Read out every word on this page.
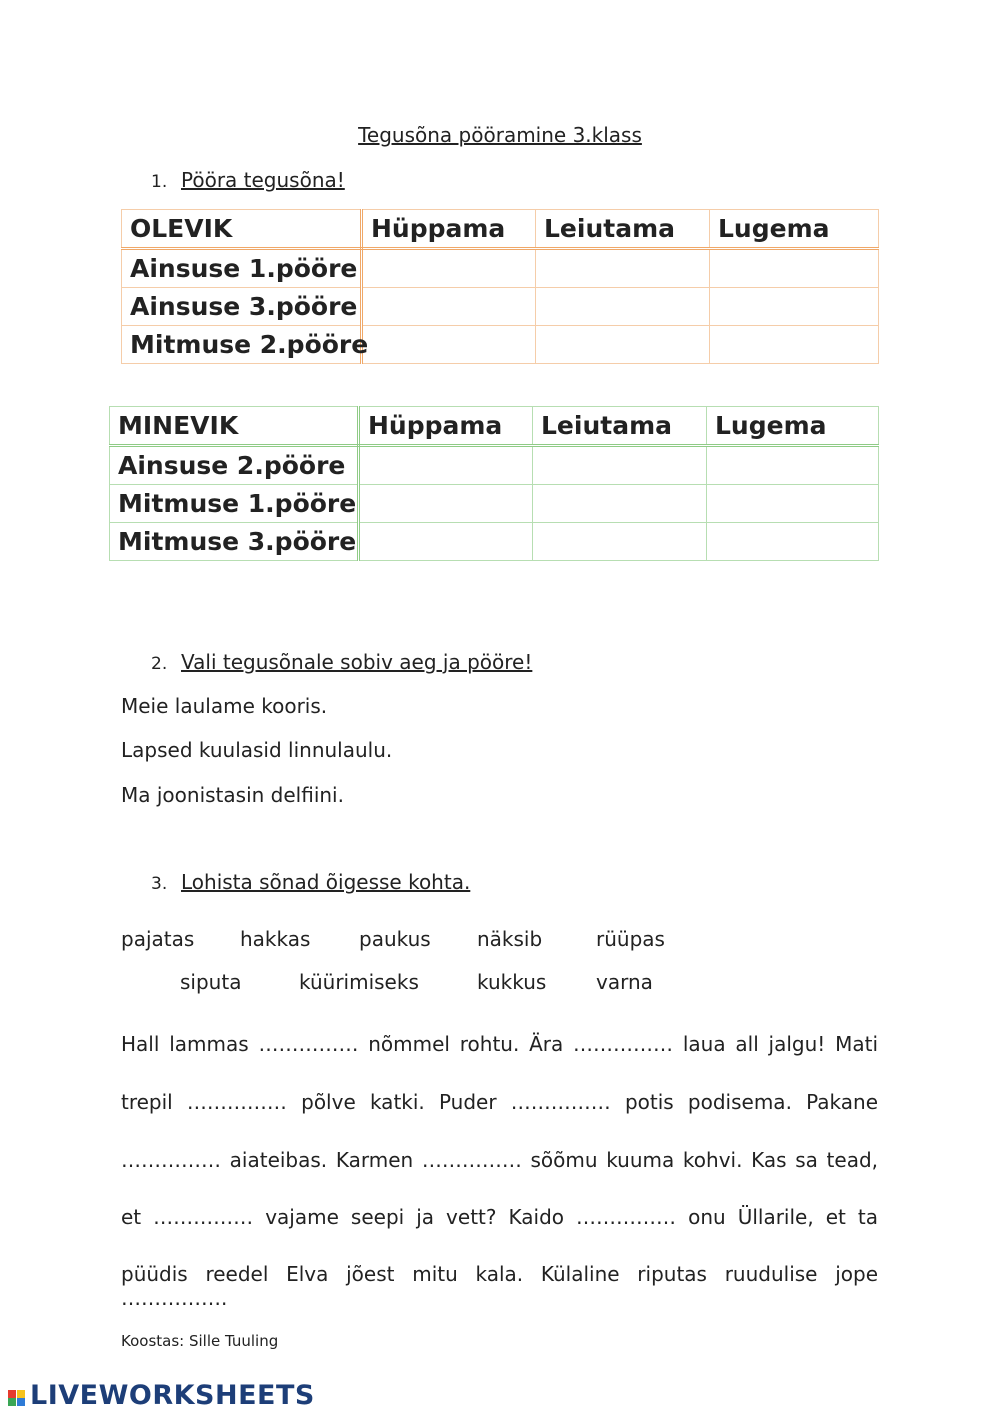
Tegusõna pööramine 3.klass
1. Pööra tegusõna!
OLEVIK	Hüppama	Leiutama	Lugema
Ainsuse 1.pööre			
Ainsuse 3.pööre			
Mitmuse 2.pööre			
MINEVIK	Hüppama	Leiutama	Lugema
Ainsuse 2.pööre			
Mitmuse 1.pööre			
Mitmuse 3.pööre			
2. Vali tegusõnale sobiv aeg ja pööre!
Meie laulame kooris.
Lapsed kuulasid linnulaulu.
Ma joonistasin delfiini.
3. Lohista sõnad õigesse kohta.
pajatas hakkas paukus näksib	rüüpas
siputa	küürimiseks	kukkus varna
Hall lammas …………… nõmmel rohtu. Ära …………… laua all jalgu! Mati
trepil …………… põlve katki. Puder …………… potis podisema. Pakane
…………… aiateibas. Karmen …………… sõõmu kuuma kohvi. Kas sa tead,
et …………… vajame seepi ja vett? Kaido …………… onu Üllarile, et ta
püüdis reedel Elva jõest mitu kala. Külaline riputas ruudulise jope …………….
Koostas: Sille Tuuling

LIVEWORKSHEETS
